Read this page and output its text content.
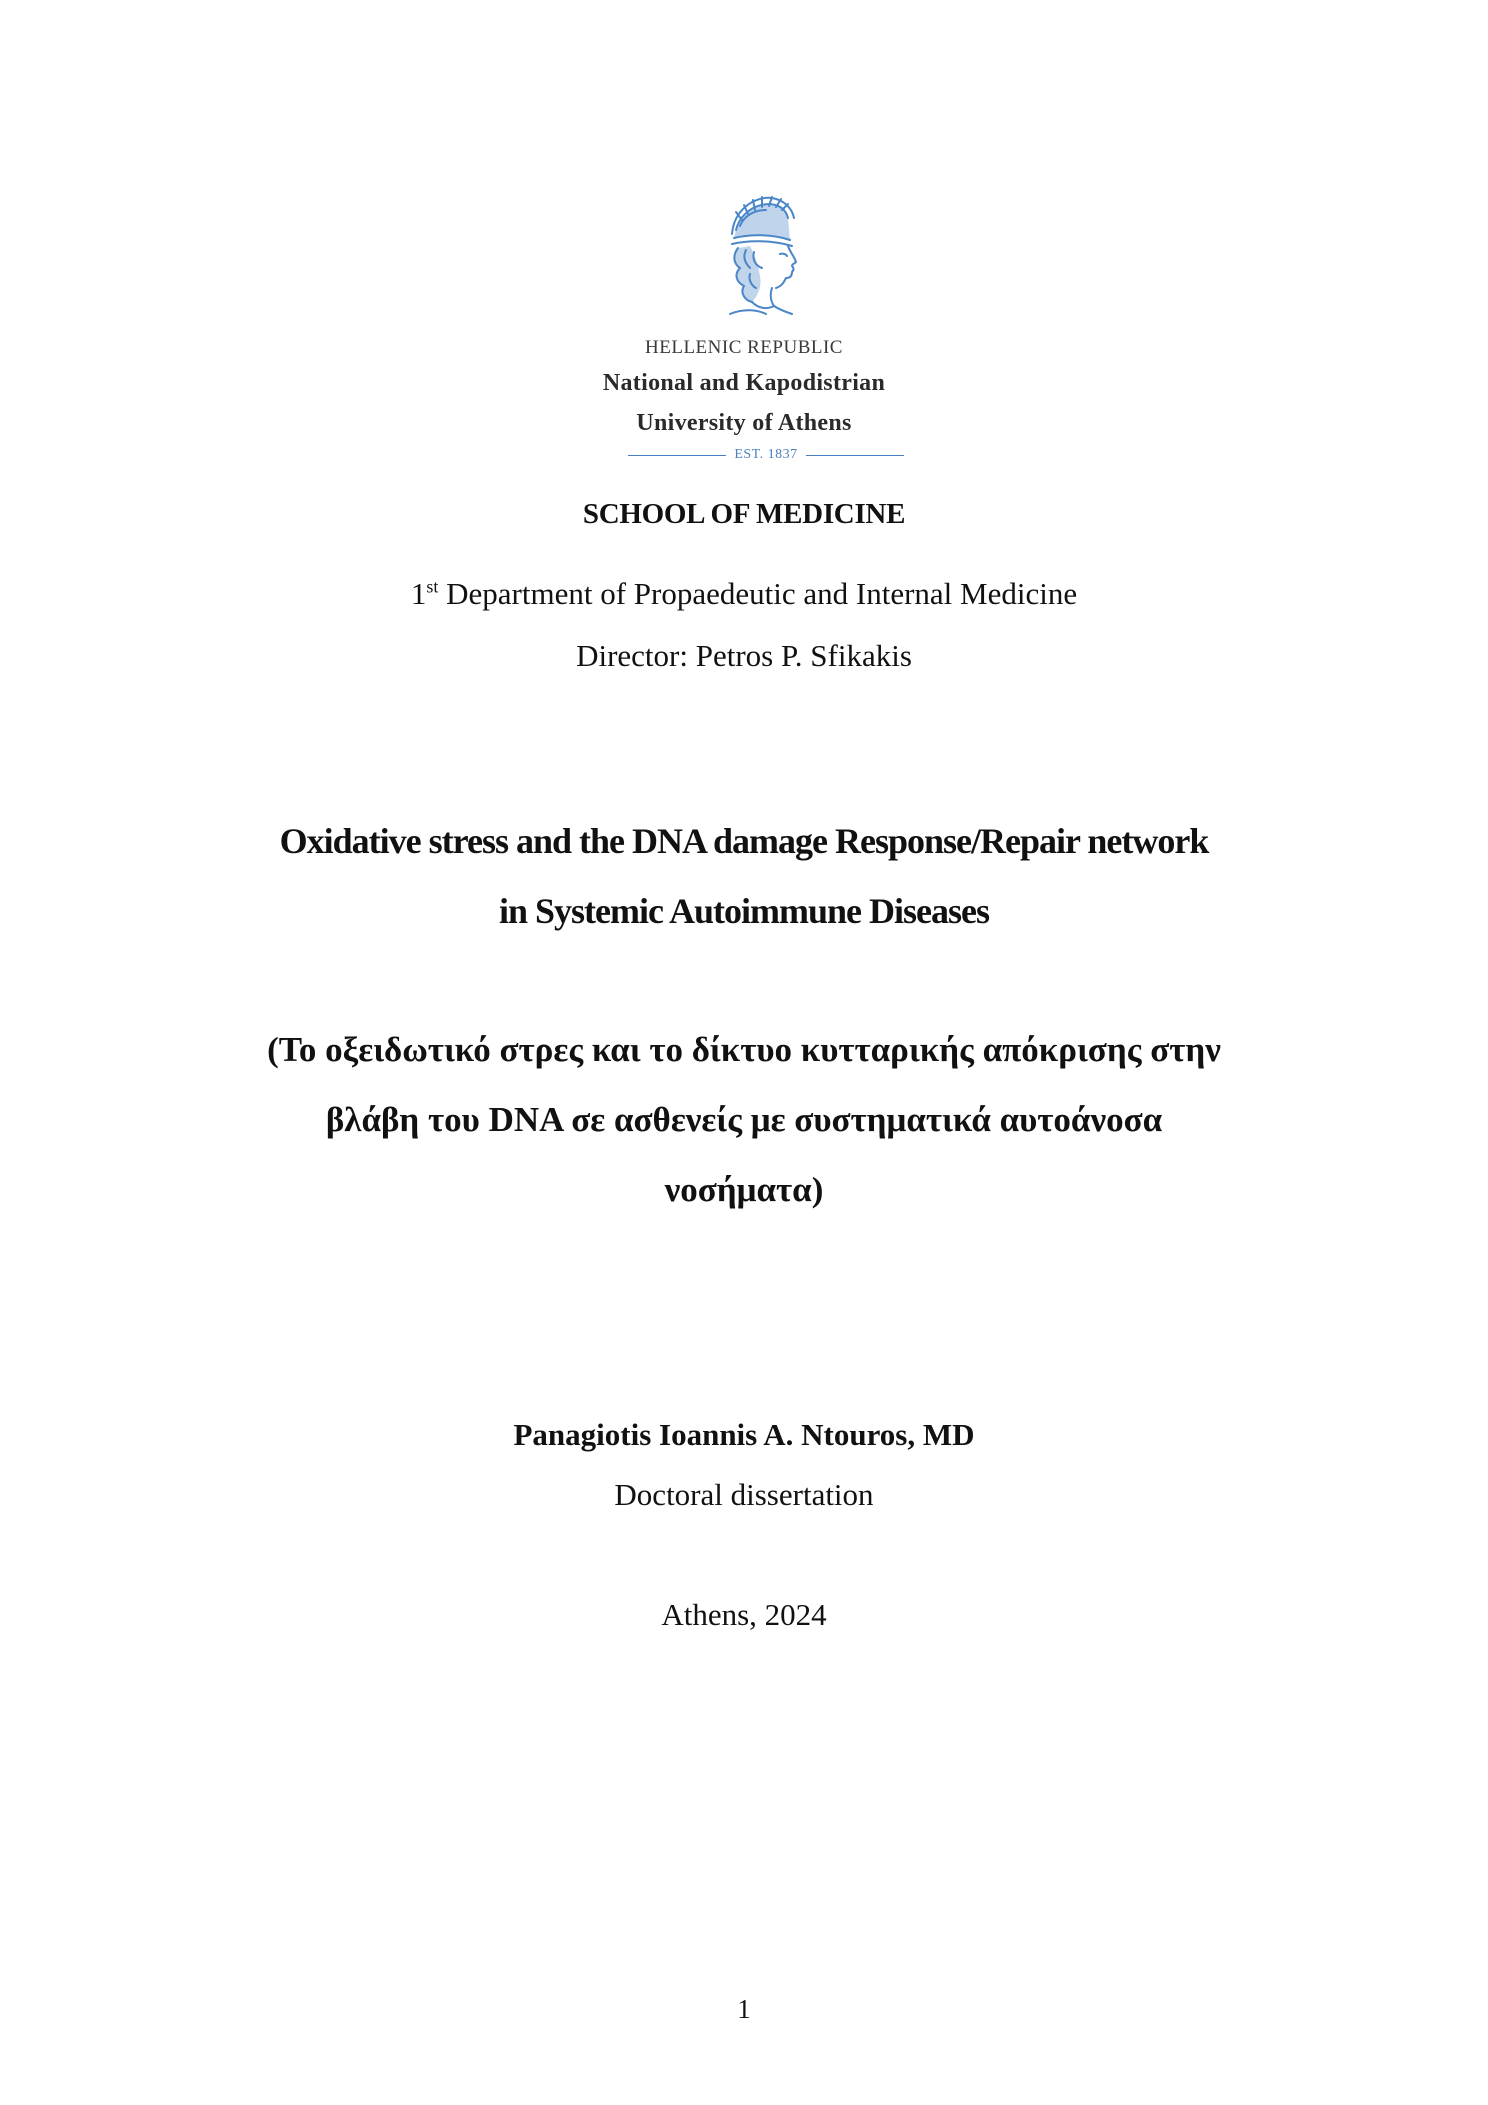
HELLENIC REPUBLIC
National and Kapodistrian
University of Athens
EST. 1837
SCHOOL OF MEDICINE
1st Department of Propaedeutic and Internal Medicine
Director: Petros P. Sfikakis
Oxidative stress and the DNA damage Response/Repair network
in Systemic Autoimmune Diseases
(Το οξειδωτικό στρες και το δίκτυο κυτταρικής απόκρισης στην
βλάβη του DNA σε ασθενείς με συστηματικά αυτοάνοσα
νοσήματα)
Panagiotis Ioannis A. Ntouros, MD
Doctoral dissertation
Athens, 2024
1
